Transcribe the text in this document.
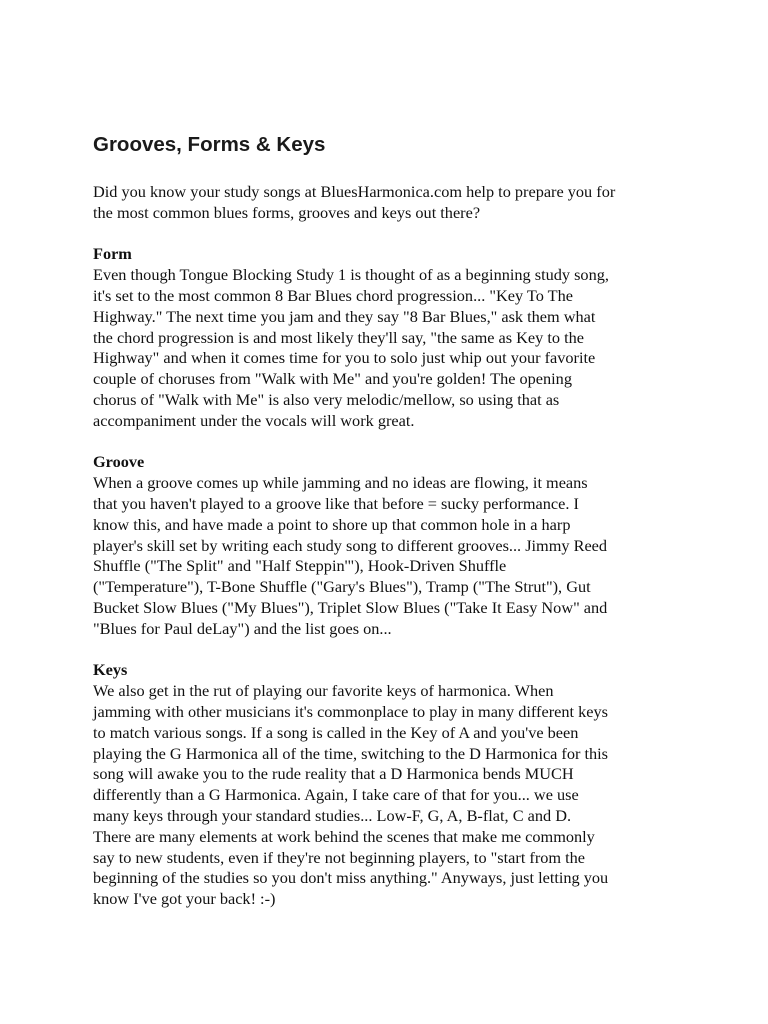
Grooves, Forms & Keys

Did you know your study songs at BluesHarmonica.com help to prepare you for
the most common blues forms, grooves and keys out there?

Form

Even though Tongue Blocking Study 1 is thought of as a beginning study song,
it's set to the most common 8 Bar Blues chord progression... "Key To The
Highway." The next time you jam and they say "8 Bar Blues," ask them what
the chord progression is and most likely they'll say, "the same as Key to the
Highway" and when it comes time for you to solo just whip out your favorite
couple of choruses from "Walk with Me" and you're golden! The opening
chorus of "Walk with Me" is also very melodic/mellow, so using that as
accompaniment under the vocals will work great.

Groove

When a groove comes up while jamming and no ideas are flowing, it means
that you haven't played to a groove like that before = sucky performance. I
know this, and have made a point to shore up that common hole in a harp
player's skill set by writing each study song to different grooves... Jimmy Reed
Shuffle ("The Split" and "Half Steppin'"), Hook-Driven Shuffle
("Temperature"), T-Bone Shuffle ("Gary's Blues"), Tramp ("The Strut"), Gut
Bucket Slow Blues ("My Blues"), Triplet Slow Blues ("Take It Easy Now" and
"Blues for Paul deLay") and the list goes on...

Keys

We also get in the rut of playing our favorite keys of harmonica. When
jamming with other musicians it's commonplace to play in many different keys
to match various songs. If a song is called in the Key of A and you've been
playing the G Harmonica all of the time, switching to the D Harmonica for this
song will awake you to the rude reality that a D Harmonica bends MUCH
differently than a G Harmonica. Again, I take care of that for you... we use
many keys through your standard studies... Low-F, G, A, B-flat, C and D.
There are many elements at work behind the scenes that make me commonly
say to new students, even if they're not beginning players, to "start from the
beginning of the studies so you don't miss anything." Anyways, just letting you
know I've got your back! :-)
